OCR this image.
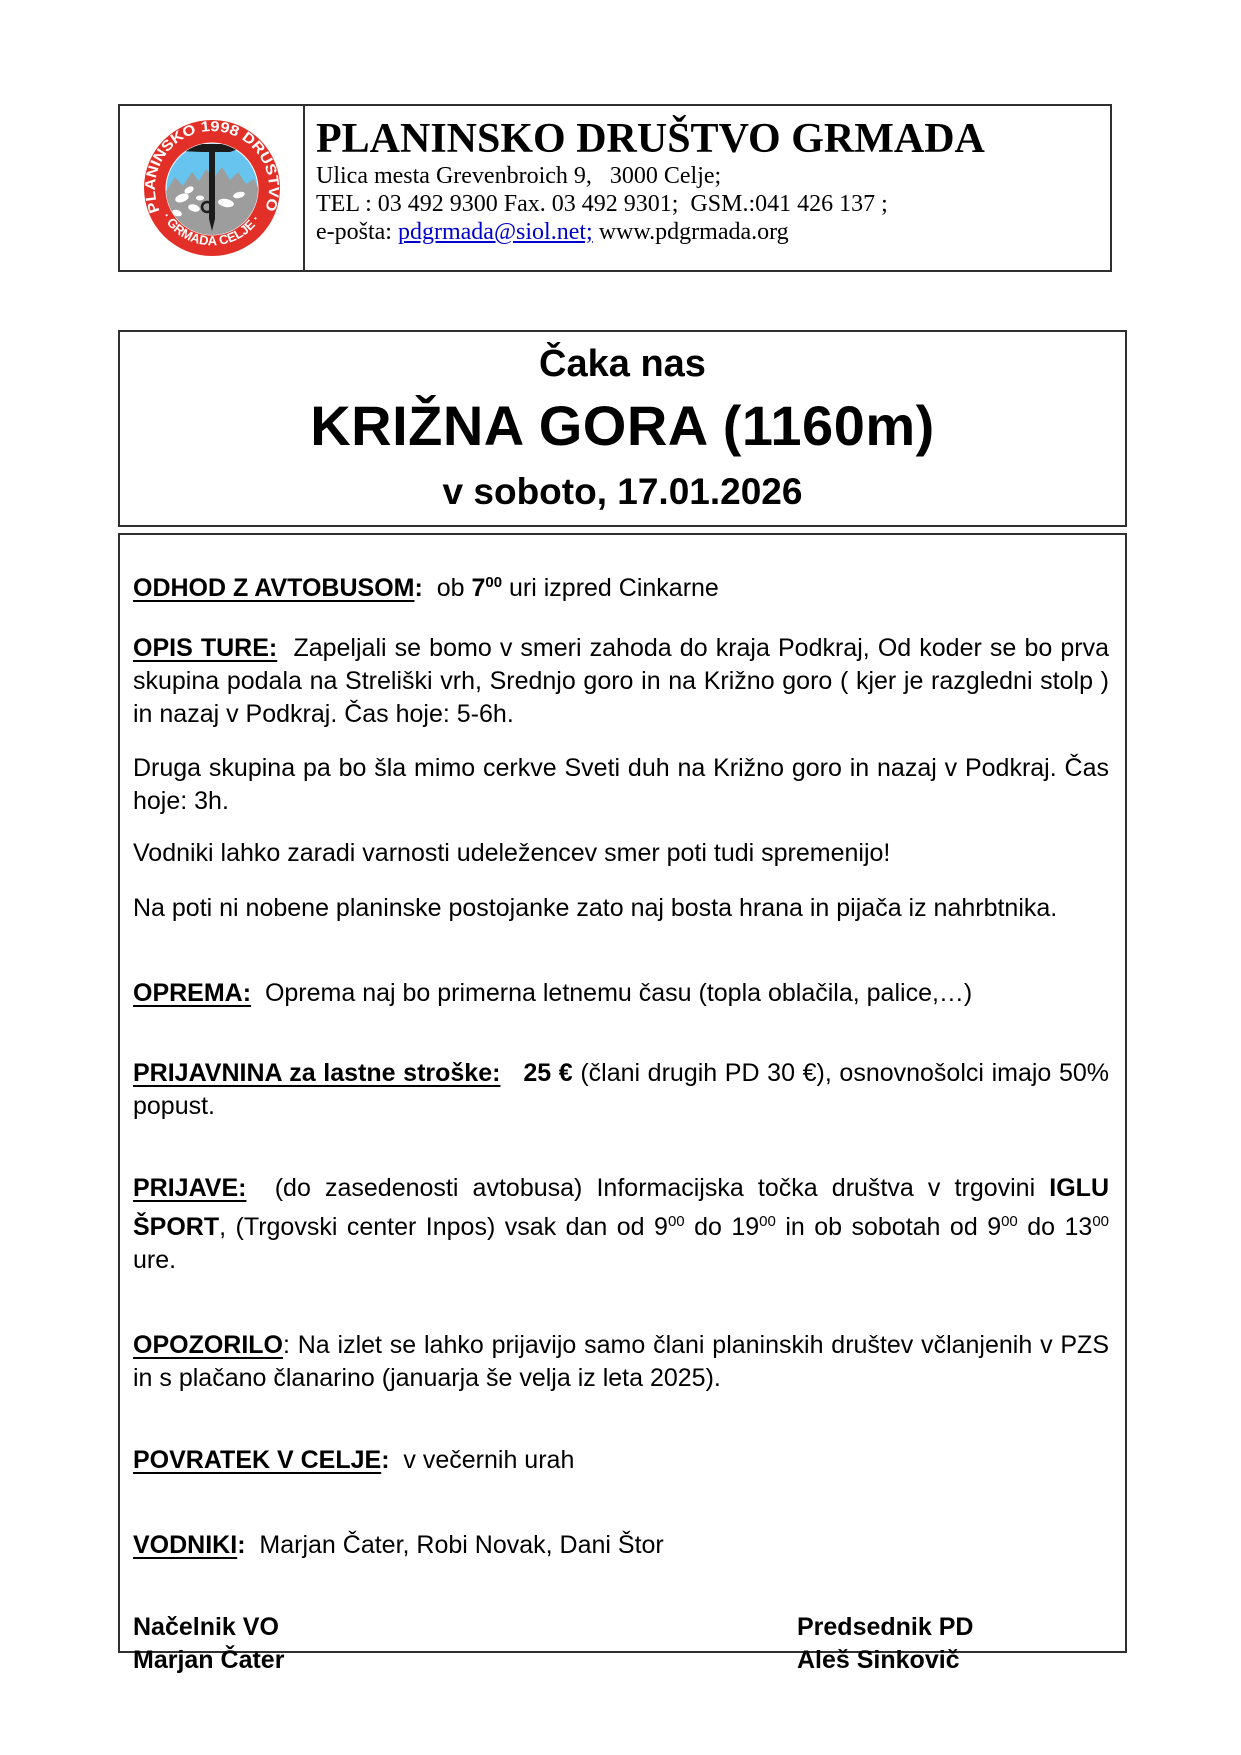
PLANINSKO 1998 DRUŠTVO
· GRMADA CELJE ·
PLANINSKO DRUŠTVO GRMADA
Ulica mesta Grevenbroich 9,   3000 Celje;
TEL : 03 492 9300 Fax. 03 492 9301;  GSM.:041 426 137 ;
e-pošta: pdgrmada@siol.net; www.pdgrmada.org
Čaka nas
KRIŽNA GORA (1160m)
v soboto, 17.01.2026

ODHOD Z AVTOBUSOM:  ob $7^{00}$ uri izpred Cinkarne

OPIS TURE:  Zapeljali se bomo v smeri zahoda do kraja Podkraj, Od koder se bo prva skupina podala na Streliški vrh, Srednjo goro in na Križno goro ( kjer je razgledni stolp ) in nazaj v Podkraj. Čas hoje: 5-6h.

Druga skupina pa bo šla mimo cerkve Sveti duh na Križno goro in nazaj v Podkraj. Čas hoje: 3h.

Vodniki lahko zaradi varnosti udeležencev smer poti tudi spremenijo!

Na poti ni nobene planinske postojanke zato naj bosta hrana in pijača iz nahrbtnika.

OPREMA:  Oprema naj bo primerna letnemu času (topla oblačila, palice,…)

PRIJAVNINA za lastne stroške: 25 € (člani drugih PD 30 €), osnovnošolci imajo 50% popust.

PRIJAVE:  (do zasedenosti avtobusa) Informacijska točka društva v trgovini IGLU ŠPORT, (Trgovski center Inpos) vsak dan od $9^{00}$ do $19^{00}$ in ob sobotah od $9^{00}$ do $13^{00}$ ure.

OPOZORILO: Na izlet se lahko prijavijo samo člani planinskih društev včlanjenih v PZS in s plačano članarino (januarja še velja iz leta 2025).

POVRATEK V CELJE:  v večernih urah

VODNIKI:  Marjan Čater, Robi Novak, Dani Štor

Načelnik VO
Marjan Čater
Predsednik PD
Aleš Sinkovič
